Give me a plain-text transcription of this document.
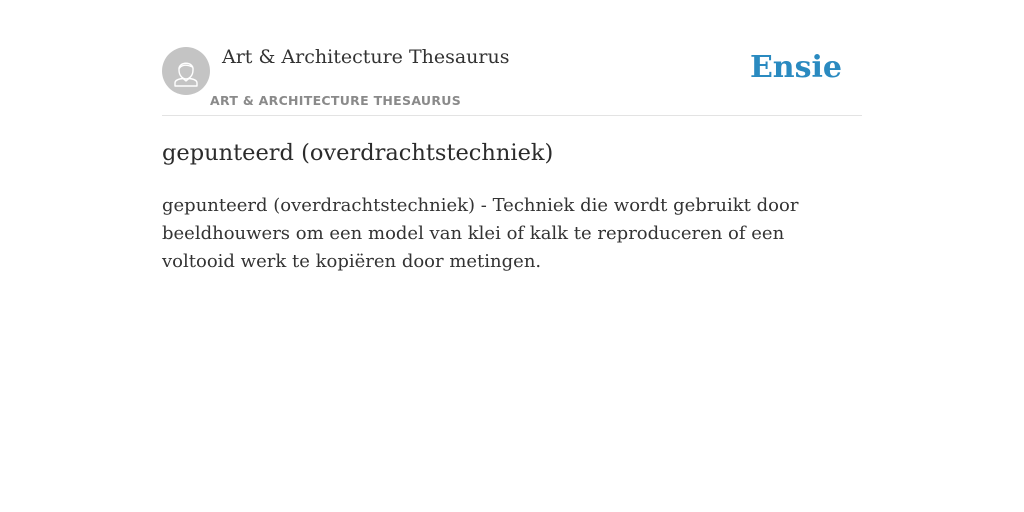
Art & Architecture Thesaurus
ART & ARCHITECTURE THESAURUS
Ensie
gepunteerd (overdrachtstechniek)

gepunteerd (overdrachtstechniek) - Techniek die wordt gebruikt door beeldhouwers om een model van klei of kalk te reproduceren of een voltooid werk te kopiëren door metingen.
